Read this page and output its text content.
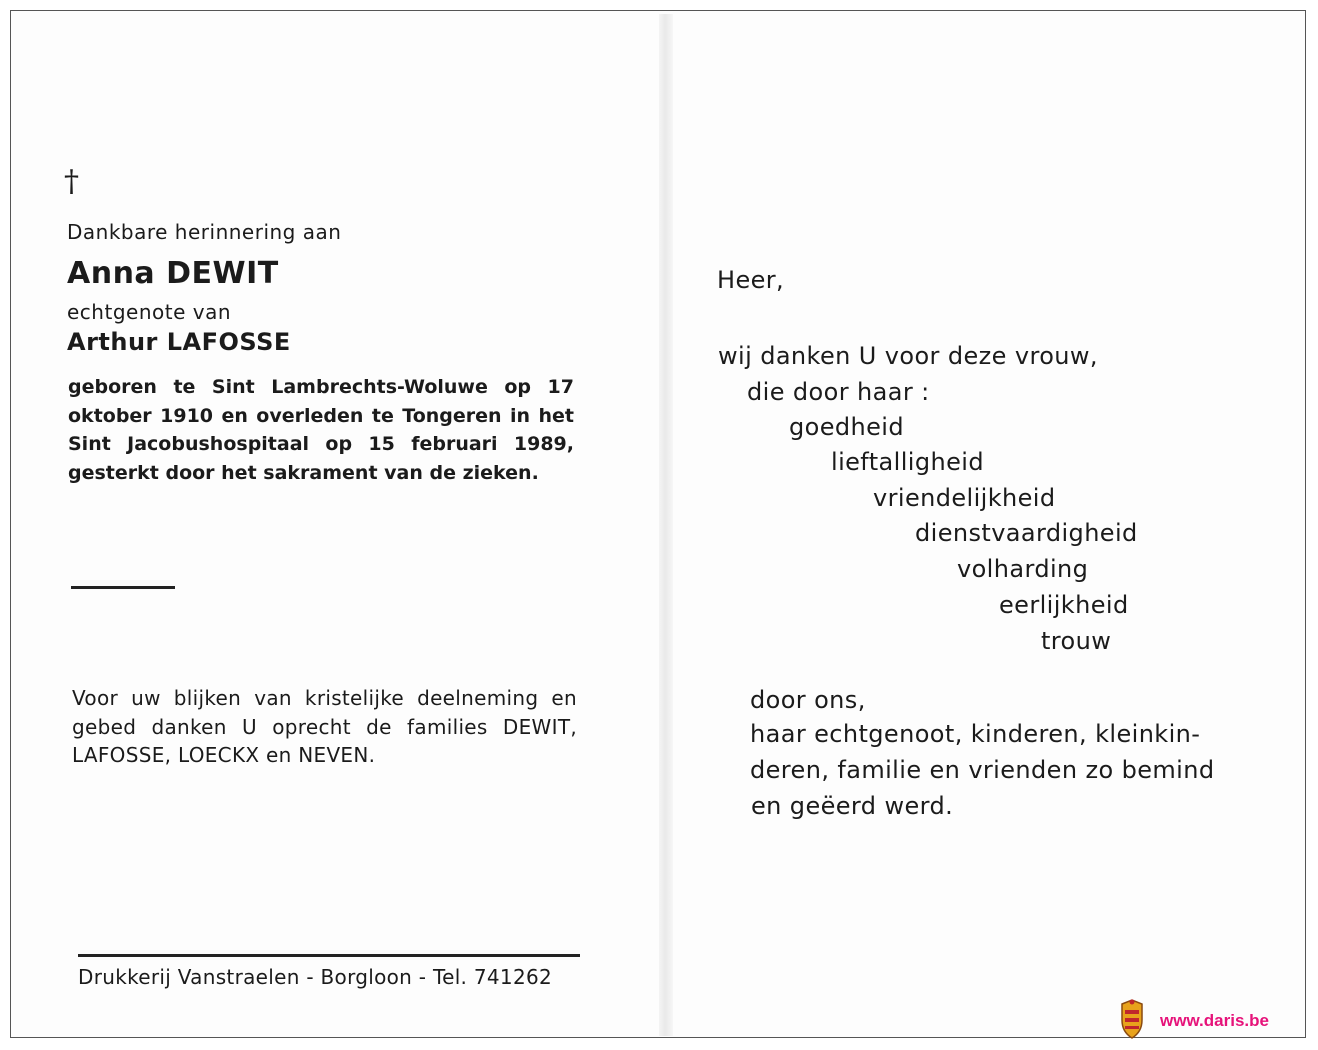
†
Dankbare herinnering aan
Anna DEWIT
echtgenote van
Arthur LAFOSSE
geboren te Sint Lambrechts-Woluwe op 17 oktober 1910 en overleden te Tongeren in het Sint Jacobushospitaal op 15 februari 1989, gesterkt door het sakrament van de zieken.
Voor uw blijken van kristelijke deelneming en gebed danken U oprecht de families DEWIT, LAFOSSE, LOECKX en NEVEN.
Drukkerij Vanstraelen - Borgloon - Tel. 741262
Heer,
wij danken U voor deze vrouw,
die door haar :
goedheid
lieftalligheid
vriendelijkheid
dienstvaardigheid
volharding
eerlijkheid
trouw
door ons,
haar echtgenoot, kinderen, kleinkin-
deren, familie en vrienden zo bemind
en geëerd werd.
www.daris.be
